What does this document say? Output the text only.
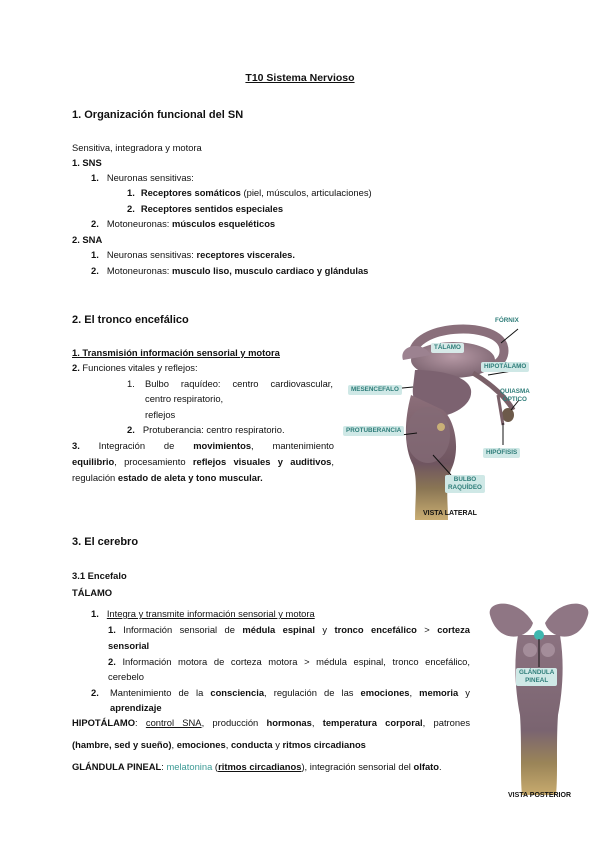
T10 Sistema Nervioso
1. Organización funcional del SN
Sensitiva, integradora y motora
1. SNS
1. Neuronas sensitivas:
1. Receptores somáticos (piel, músculos, articulaciones)
2. Receptores sentidos especiales
2. Motoneuronas: músculos esqueléticos
2. SNA
1. Neuronas sensitivas: receptores viscerales.
2. Motoneuronas: musculo liso, musculo cardiaco y glándulas
2. El tronco encefálico
1. Transmisión información sensorial y motora
2. Funciones vitales y reflejos:
1. Bulbo raquídeo: centro cardiovascular,
centro respiratorio,
reflejos
2. Protuberancia: centro respiratorio.
3. Integración de movimientos, mantenimiento
equilibrio, procesamiento reflejos visuales y auditivos,
regulación estado de aleta y tono muscular.
FÓRNIX
TÁLAMO
HIPOTÁLAMO
MESENCEFALO	QUIASMA
ÓPTICO
PROTUBERANCIA
HIPÓFISIS
BULBO
RAQUÍDEO
VISTA LATERAL
3. El cerebro
3.1 Encefalo
TÁLAMO
1. Integra y transmite información sensorial y motora
1. Información sensorial de médula espinal y tronco encefálico > corteza
sensorial
2. Información motora de corteza motora > médula espinal, tronco encefálico,
cerebelo
2. Mantenimiento de la consciencia, regulación de las emociones, memoria y
aprendizaje
HIPOTÁLAMO: control SNA, producción hormonas, temperatura corporal, patrones
(hambre, sed y sueño), emociones, conducta y ritmos circadianos
GLÁNDULA PINEAL: melatonina (ritmos circadianos), integración sensorial del olfato.
GLÁNDULA
PINEAL
VISTA POSTERIOR
